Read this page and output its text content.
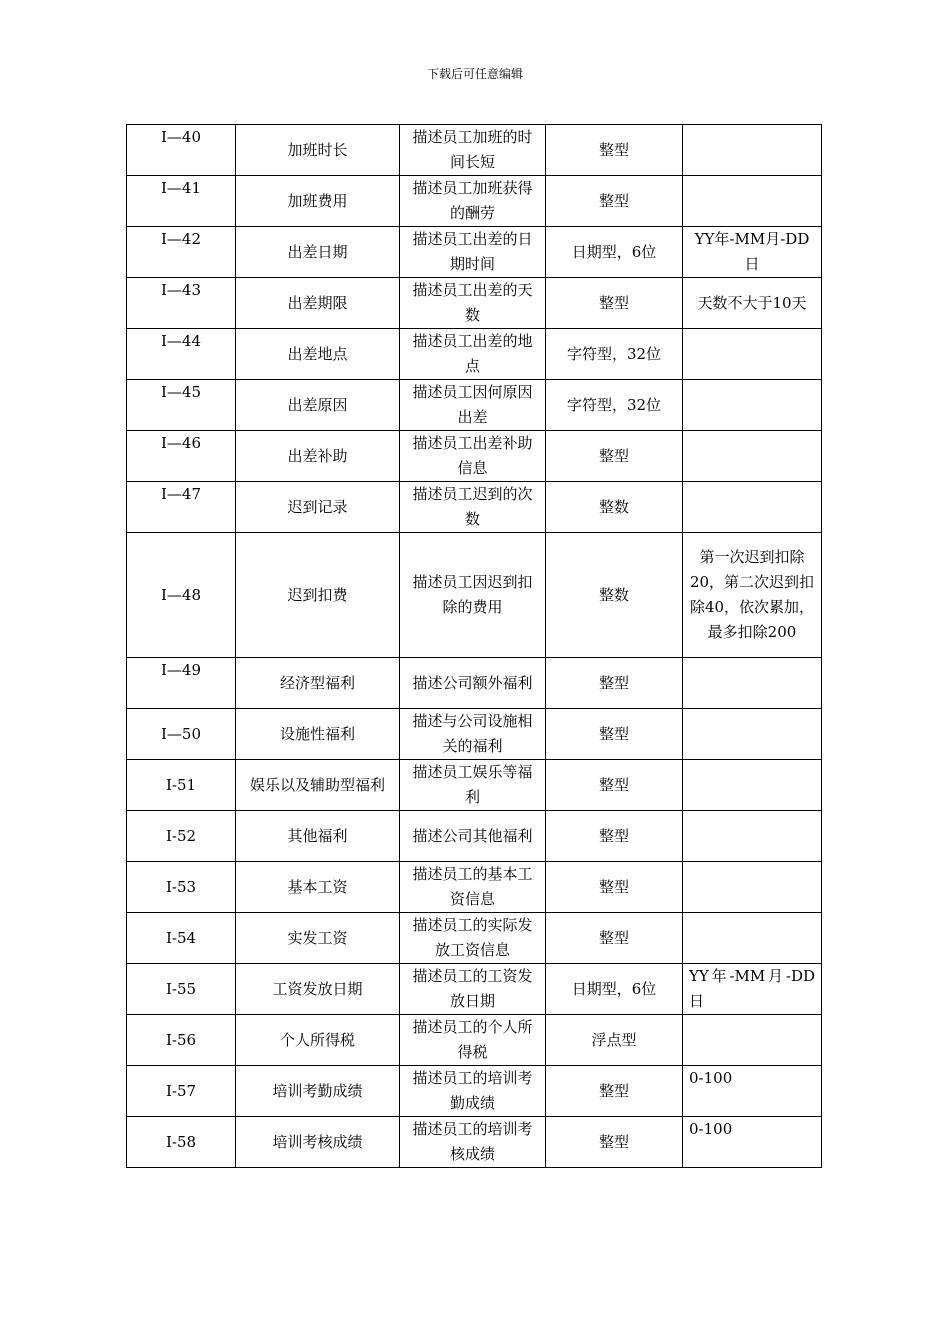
下载后可任意编辑
I—40	加班时长	描述员工加班的时间长短	整型	
I—41	加班费用	描述员工加班获得的酬劳	整型	
I—42	出差日期	描述员工出差的日期时间	日期型，6位	YY年-MM月-DD日
I—43	出差期限	描述员工出差的天数	整型	天数不大于10天
I—44	出差地点	描述员工出差的地点	字符型，32位	
I—45	出差原因	描述员工因何原因出差	字符型，32位	
I—46	出差补助	描述员工出差补助信息	整型	
I—47	迟到记录	描述员工迟到的次数	整数	
I—48	迟到扣费	描述员工因迟到扣除的费用	整数	第一次迟到扣除20，第二次迟到扣除40，依次累加，最多扣除200
I—49	经济型福利	描述公司额外福利	整型	
I—50	设施性福利	描述与公司设施相关的福利	整型	
I-51	娱乐以及辅助型福利	描述员工娱乐等福利	整型	
I-52	其他福利	描述公司其他福利	整型	
I-53	基本工资	描述员工的基本工资信息	整型	
I-54	实发工资	描述员工的实际发放工资信息	整型	
I-55	工资发放日期	描述员工的工资发放日期	日期型，6位	YY年-MM月-DD日
I-56	个人所得税	描述员工的个人所得税	浮点型	
I-57	培训考勤成绩	描述员工的培训考勤成绩	整型	0-100
I-58	培训考核成绩	描述员工的培训考核成绩	整型	0-100
